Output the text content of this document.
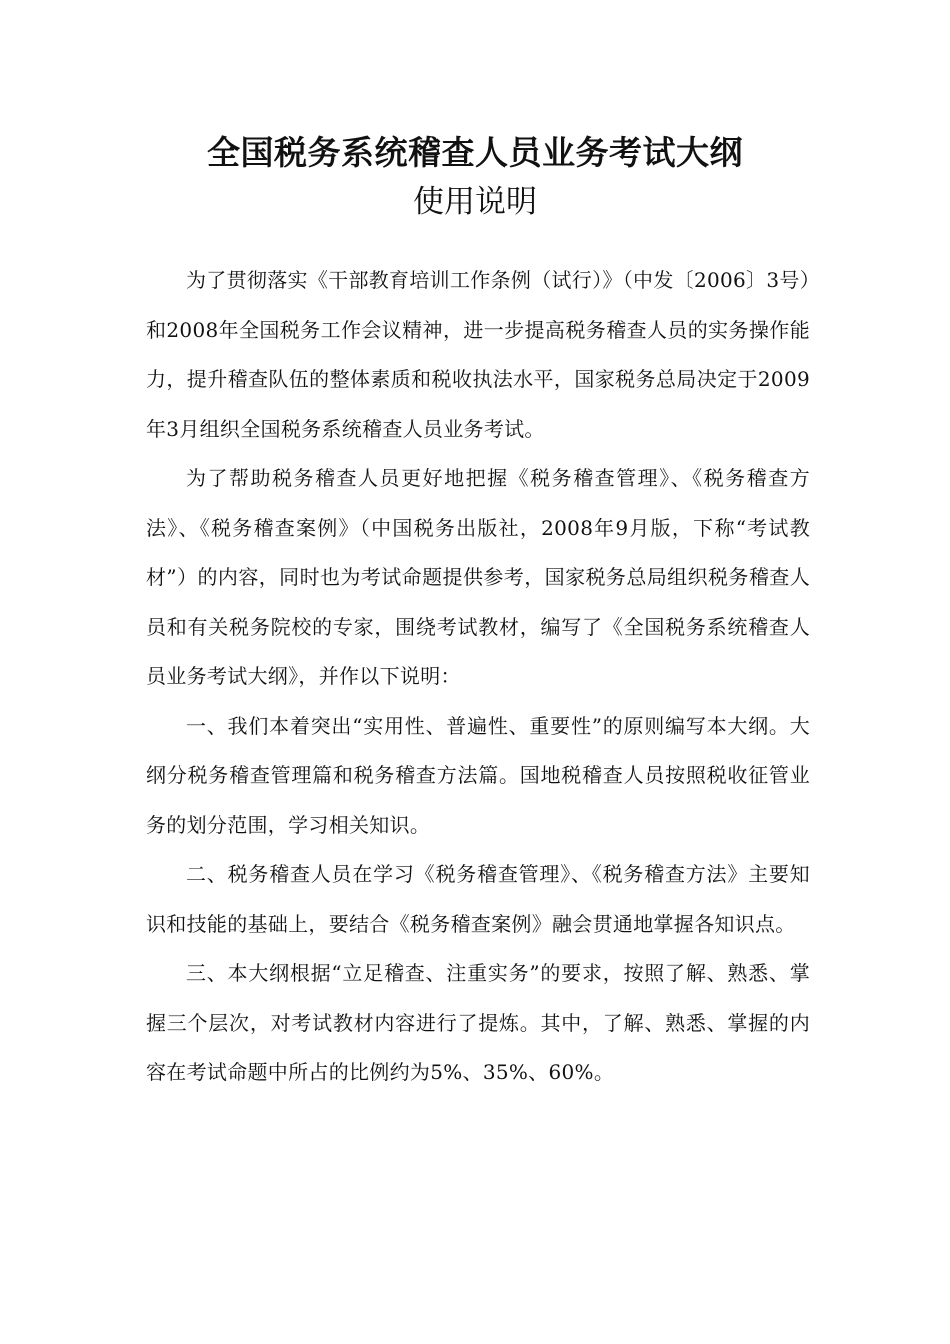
全国税务系统稽查人员业务考试大纲
使用说明

为了贯彻落实《干部教育培训工作条例（试行）》（中发〔2006〕3号）和2008年全国税务工作会议精神，进一步提高税务稽查人员的实务操作能力，提升稽查队伍的整体素质和税收执法水平，国家税务总局决定于2009年3月组织全国税务系统稽查人员业务考试。

为了帮助税务稽查人员更好地把握《税务稽查管理》、《税务稽查方法》、《税务稽查案例》（中国税务出版社，2008年9月版，下称“考试教材”）的内容，同时也为考试命题提供参考，国家税务总局组织税务稽查人员和有关税务院校的专家，围绕考试教材，编写了《全国税务系统稽查人员业务考试大纲》，并作以下说明：

一、我们本着突出“实用性、普遍性、重要性”的原则编写本大纲。大纲分税务稽查管理篇和税务稽查方法篇。国地税稽查人员按照税收征管业务的划分范围，学习相关知识。

二、税务稽查人员在学习《税务稽查管理》、《税务稽查方法》主要知识和技能的基础上，要结合《税务稽查案例》融会贯通地掌握各知识点。

三、本大纲根据“立足稽查、注重实务”的要求，按照了解、熟悉、掌握三个层次，对考试教材内容进行了提炼。其中，了解、熟悉、掌握的内容在考试命题中所占的比例约为5%、35%、60%。
